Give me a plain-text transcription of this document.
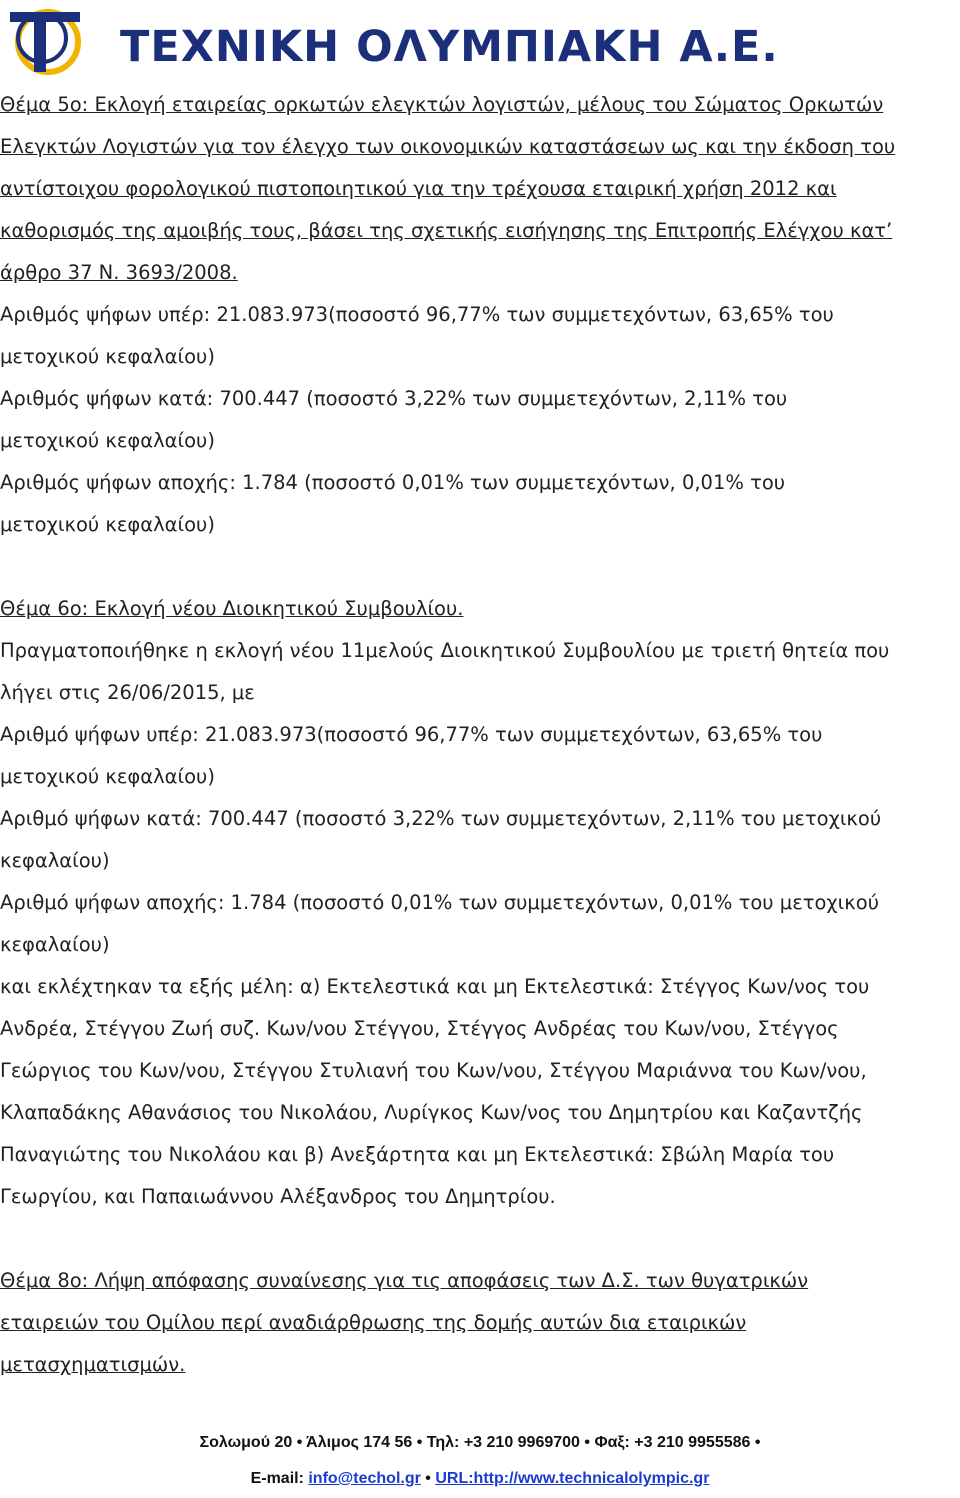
ΤΕΧΝΙΚΗ ΟΛΥΜΠΙΑΚΗ Α.Ε.
Θέμα 5ο: Εκλογή εταιρείας ορκωτών ελεγκτών λογιστών, μέλους του Σώματος Ορκωτών
Ελεγκτών Λογιστών για τον έλεγχο των οικονομικών καταστάσεων ως και την έκδοση του
αντίστοιχου φορολογικού πιστοποιητικού για την τρέχουσα εταιρική χρήση 2012 και
καθορισμός της αμοιβής τους, βάσει της σχετικής εισήγησης της Επιτροπής Ελέγχου κατ’
άρθρο 37 Ν. 3693/2008.
Αριθμός ψήφων υπέρ: 21.083.973(ποσοστό 96,77% των συμμετεχόντων, 63,65% του
μετοχικού κεφαλαίου)
Αριθμός ψήφων κατά: 700.447 (ποσοστό 3,22% των συμμετεχόντων, 2,11% του
μετοχικού κεφαλαίου)
Αριθμός ψήφων αποχής: 1.784 (ποσοστό 0,01% των συμμετεχόντων, 0,01% του
μετοχικού κεφαλαίου)
Θέμα 6ο: Εκλογή νέου Διοικητικού Συμβουλίου.
Πραγματοποιήθηκε η εκλογή νέου 11μελούς Διοικητικού Συμβουλίου με τριετή θητεία που
λήγει στις 26/06/2015, με
Αριθμό ψήφων υπέρ: 21.083.973(ποσοστό 96,77% των συμμετεχόντων, 63,65% του
μετοχικού κεφαλαίου)
Αριθμό ψήφων κατά: 700.447 (ποσοστό 3,22% των συμμετεχόντων, 2,11% του μετοχικού
κεφαλαίου)
Αριθμό ψήφων αποχής: 1.784 (ποσοστό 0,01% των συμμετεχόντων, 0,01% του μετοχικού
κεφαλαίου)
και εκλέχτηκαν τα εξής μέλη: α) Εκτελεστικά και μη Εκτελεστικά: Στέγγος Κων/νος του
Ανδρέα, Στέγγου Ζωή συζ. Κων/νου Στέγγου, Στέγγος Ανδρέας του Κων/νου, Στέγγος
Γεώργιος του Κων/νου, Στέγγου Στυλιανή του Κων/νου, Στέγγου Μαριάννα του Κων/νου,
Κλαπαδάκης Αθανάσιος του Νικολάου, Λυρίγκος Κων/νος του Δημητρίου και Καζαντζής
Παναγιώτης του Νικολάου και β) Ανεξάρτητα και μη Εκτελεστικά: Σβώλη Μαρία του
Γεωργίου, και Παπαιωάννου Αλέξανδρος του Δημητρίου.
Θέμα 8ο: Λήψη απόφασης συναίνεσης για τις αποφάσεις των Δ.Σ. των θυγατρικών
εταιρειών του Ομίλου περί αναδιάρθρωσης της δομής αυτών δια εταιρικών
μετασχηματισμών.
Σολωμού 20 • Άλιμος 174 56 • Τηλ: +3 210 9969700 • Φαξ: +3 210 9955586 •
E-mail: info@techol.gr • URL:http://www.technicalolympic.gr
